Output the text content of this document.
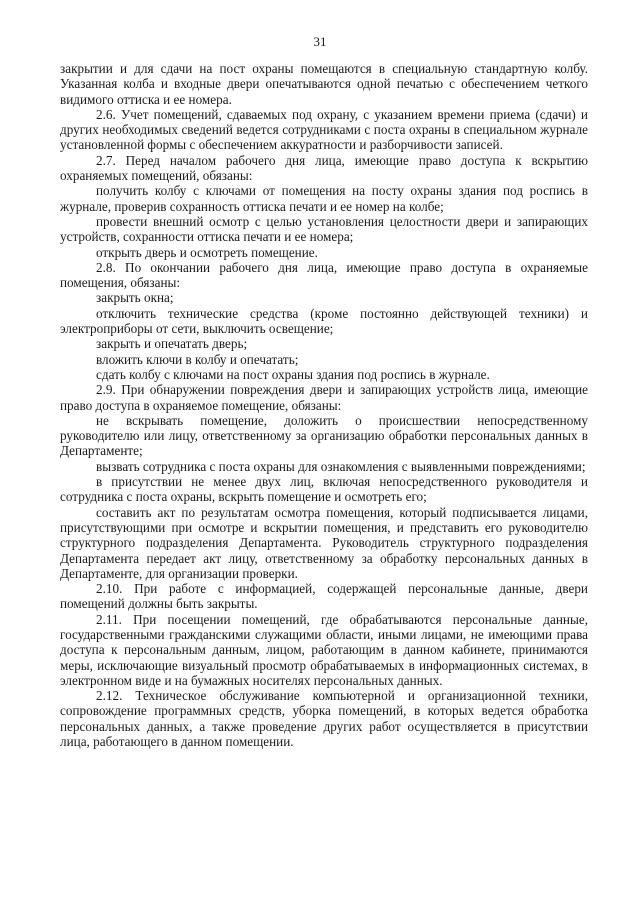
31

закрытии и для сдачи на пост охраны помещаются в специальную стандартную колбу. Указанная колба и входные двери опечатываются одной печатью с обеспечением четкого видимого оттиска и ее номера.

2.6. Учет помещений, сдаваемых под охрану, с указанием времени приема (сдачи) и других необходимых сведений ведется сотрудниками с поста охраны в специальном журнале установленной формы с обеспечением аккуратности и разборчивости записей.

2.7. Перед началом рабочего дня лица, имеющие право доступа к вскрытию охраняемых помещений, обязаны:

получить колбу с ключами от помещения на посту охраны здания под роспись в журнале, проверив сохранность оттиска печати и ее номер на колбе;

провести внешний осмотр с целью установления целостности двери и запирающих устройств, сохранности оттиска печати и ее номера;

открыть дверь и осмотреть помещение.

2.8. По окончании рабочего дня лица, имеющие право доступа в охраняемые помещения, обязаны:

закрыть окна;

отключить технические средства (кроме постоянно действующей техники) и электроприборы от сети, выключить освещение;

закрыть и опечатать дверь;

вложить ключи в колбу и опечатать;

сдать колбу с ключами на пост охраны здания под роспись в журнале.

2.9. При обнаружении повреждения двери и запирающих устройств лица, имеющие право доступа в охраняемое помещение, обязаны:

не вскрывать помещение, доложить о происшествии непосредственному руководителю или лицу, ответственному за организацию обработки персональных данных в Департаменте;

вызвать сотрудника с поста охраны для ознакомления с выявленными повреждениями;

в присутствии не менее двух лиц, включая непосредственного руководителя и сотрудника с поста охраны, вскрыть помещение и осмотреть его;

составить акт по результатам осмотра помещения, который подписывается лицами, присутствующими при осмотре и вскрытии помещения, и представить его руководителю структурного подразделения Департамента. Руководитель структурного подразделения Департамента передает акт лицу, ответственному за обработку персональных данных в Департаменте, для организации проверки.

2.10. При работе с информацией, содержащей персональные данные, двери помещений должны быть закрыты.

2.11. При посещении помещений, где обрабатываются персональные данные, государственными гражданскими служащими области, иными лицами, не имеющими права доступа к персональным данным, лицом, работающим в данном кабинете, принимаются меры, исключающие визуальный просмотр обрабатываемых в информационных системах, в электронном виде и на бумажных носителях персональных данных.

2.12. Техническое обслуживание компьютерной и организационной техники, сопровождение программных средств, уборка помещений, в которых ведется обработка персональных данных, а также проведение других работ осуществляется в присутствии лица, работающего в данном помещении.
